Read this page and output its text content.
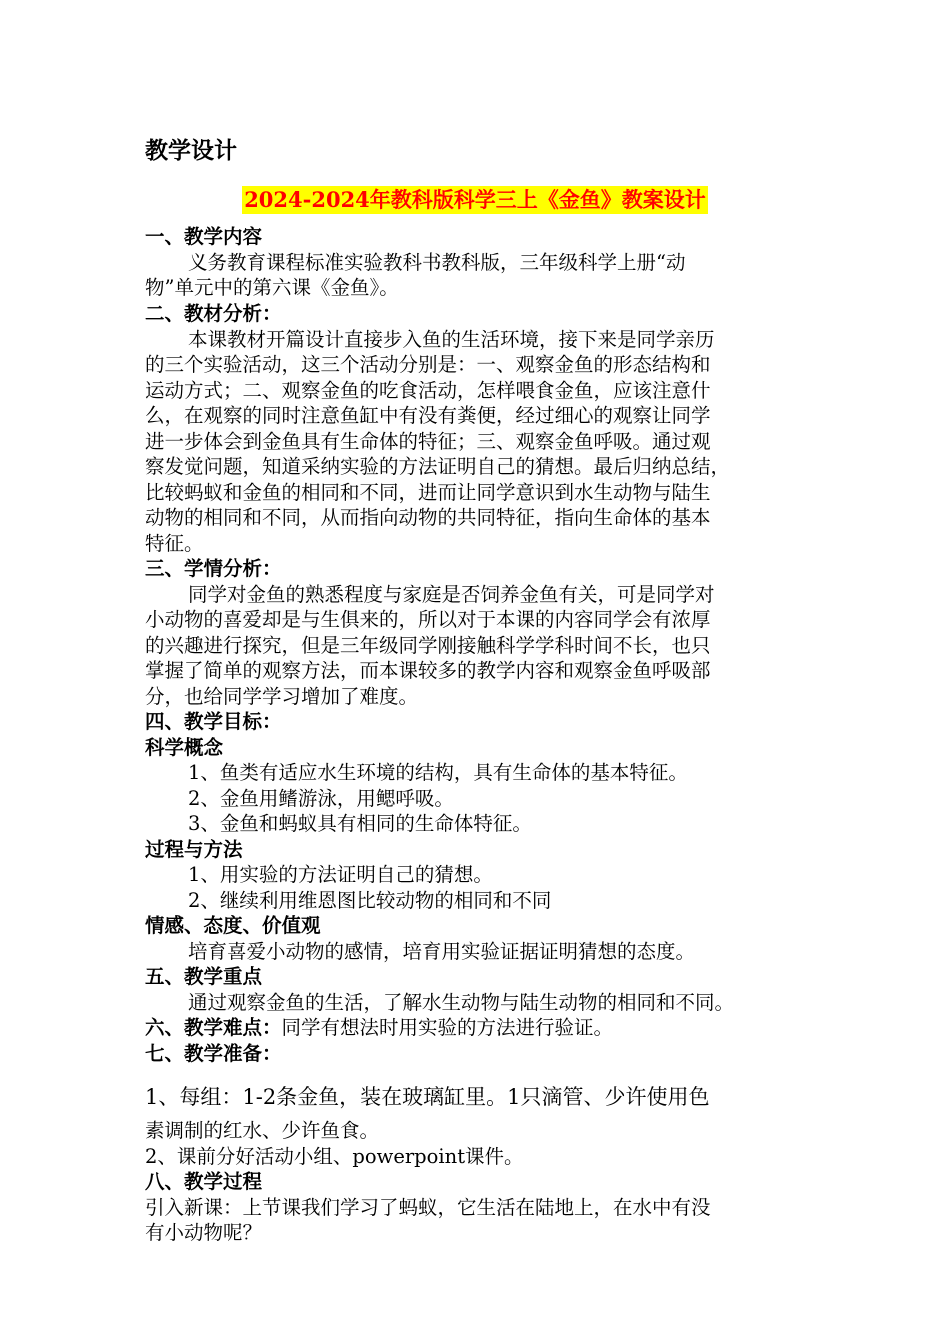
教学设计
2024-2024年教科版科学三上《金鱼》教案设计
一、教学内容
义务教育课程标准实验教科书教科版，三年级科学上册“动
物”单元中的第六课《金鱼》。
二、教材分析：
本课教材开篇设计直接步入鱼的生活环境，接下来是同学亲历
的三个实验活动，这三个活动分别是：一、观察金鱼的形态结构和
运动方式；二、观察金鱼的吃食活动，怎样喂食金鱼，应该注意什
么，在观察的同时注意鱼缸中有没有粪便，经过细心的观察让同学
进一步体会到金鱼具有生命体的特征；三、观察金鱼呼吸。通过观
察发觉问题，知道采纳实验的方法证明自己的猜想。最后归纳总结，
比较蚂蚁和金鱼的相同和不同，进而让同学意识到水生动物与陆生
动物的相同和不同，从而指向动物的共同特征，指向生命体的基本
特征。
三、学情分析：
同学对金鱼的熟悉程度与家庭是否饲养金鱼有关，可是同学对
小动物的喜爱却是与生俱来的，所以对于本课的内容同学会有浓厚
的兴趣进行探究，但是三年级同学刚接触科学学科时间不长，也只
掌握了简单的观察方法，而本课较多的教学内容和观察金鱼呼吸部
分，也给同学学习增加了难度。
四、教学目标：
科学概念
1、鱼类有适应水生环境的结构，具有生命体的基本特征。
2、金鱼用鳍游泳，用鳃呼吸。
3、金鱼和蚂蚁具有相同的生命体特征。
过程与方法
1、用实验的方法证明自己的猜想。
2、继续利用维恩图比较动物的相同和不同
情感、态度、价值观
培育喜爱小动物的感情，培育用实验证据证明猜想的态度。
五、教学重点
通过观察金鱼的生活，了解水生动物与陆生动物的相同和不同。
六、教学难点：同学有想法时用实验的方法进行验证。
七、教学准备：
1、每组：1-2条金鱼，装在玻璃缸里。1只滴管、少许使用色
素调制的红水、少许鱼食。
2、课前分好活动小组、powerpoint课件。
八、教学过程
引入新课：上节课我们学习了蚂蚁，它生活在陆地上，在水中有没
有小动物呢？
